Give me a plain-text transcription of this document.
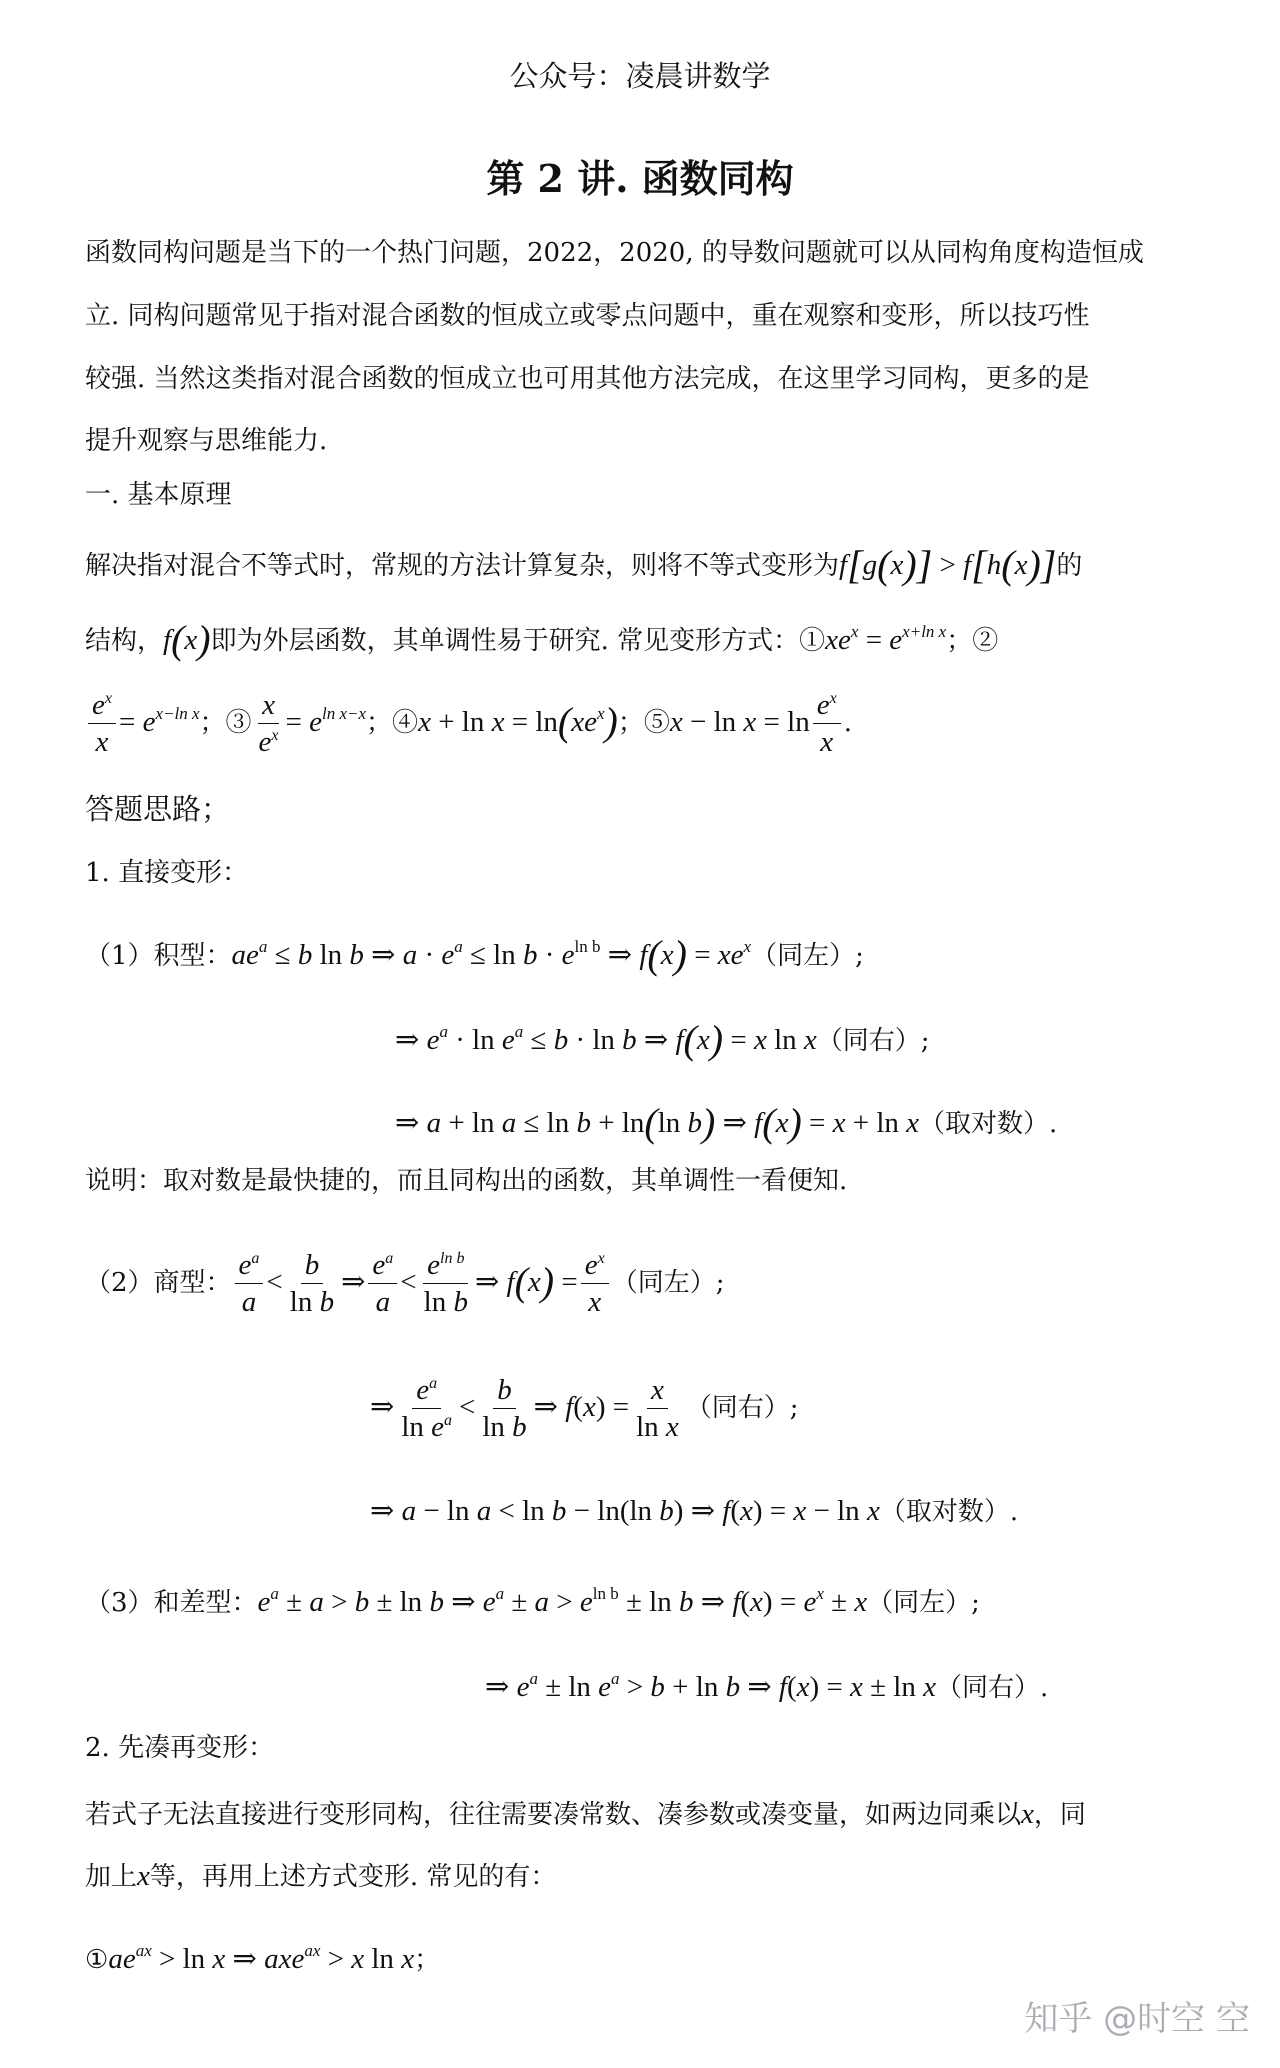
公众号：凌晨讲数学
第 2 讲. 函数同构
函数同构问题是当下的一个热门问题，2022，2020, 的导数问题就可以从同构角度构造恒成
立. 同构问题常见于指对混合函数的恒成立或零点问题中，重在观察和变形，所以技巧性
较强. 当然这类指对混合函数的恒成立也可用其他方法完成，在这里学习同构，更多的是
提升观察与思维能力.
一. 基本原理
解决指对混合不等式时，常规的方法计算复杂，则将不等式变形为f[g(x)] > f[h(x)]的
结构，f(x)即为外层函数，其单调性易于研究. 常见变形方式：$①xe^x = e^{x+ln x}$；②
$\frac{e^x}{x} = e^{x-ln x}$；③ $\frac{x}{e^x} = e^{ln x-x}$；④x + $\ln x = \ln(xe^x)$；⑤x − $\ln x = \ln \frac{e^x}{x}$ .
答题思路；
1. 直接变形：
（1）积型：$ae^a \le b$ ln b ⇒ $a \cdot e^a \le \ln b \cdot e^{ln b}$ ⇒ $f(x) = xe^x$（同左）;
⇒ $e^a \cdot \ln e^a \le b \cdot \ln b$ ⇒ f(x) = x ln x（同右）;
⇒ a + ln a ≤ ln b + ln(ln b) ⇒ f(x) = x + ln x（取对数）.
说明：取对数是最快捷的，而且同构出的函数，其单调性一看便知.
（2）商型： $\frac{e^a}{a} < \frac{b}{\text{ln b}}$ ⇒ $\frac{e^a}{a} < \frac{e^{ln b}}{\text{ln b}}$ ⇒ $f(x) = \frac{e^x}{x}$ （同左）;
⇒ $\frac{e^a}{\ln e^a} < \frac{b}{\text{ln b}}$ ⇒ $f(x) = \frac{x}{\text{ln x}}$ （同右）;
⇒ a − ln a < ln b − ln(ln b) ⇒ f(x) = x − ln x（取对数）.
（3）和差型：$e^a \pm a > b \pm \ln b$ ⇒ $e^a \pm a > e^{ln b} \pm \ln b$ ⇒ $f(x) = e^x \pm x$（同左）;
⇒ $e^a \pm \ln e^a > b + \ln b$ ⇒ f(x) = x ± ln x（同右）.
2. 先凑再变形：
若式子无法直接进行变形同构，往往需要凑常数、凑参数或凑变量，如两边同乘以x，同
加上x等，再用上述方式变形. 常见的有：
$①ae^{ax} > \ln x$ ⇒ axe$^{ax}$ > x ln x；
知乎 @时空 空
